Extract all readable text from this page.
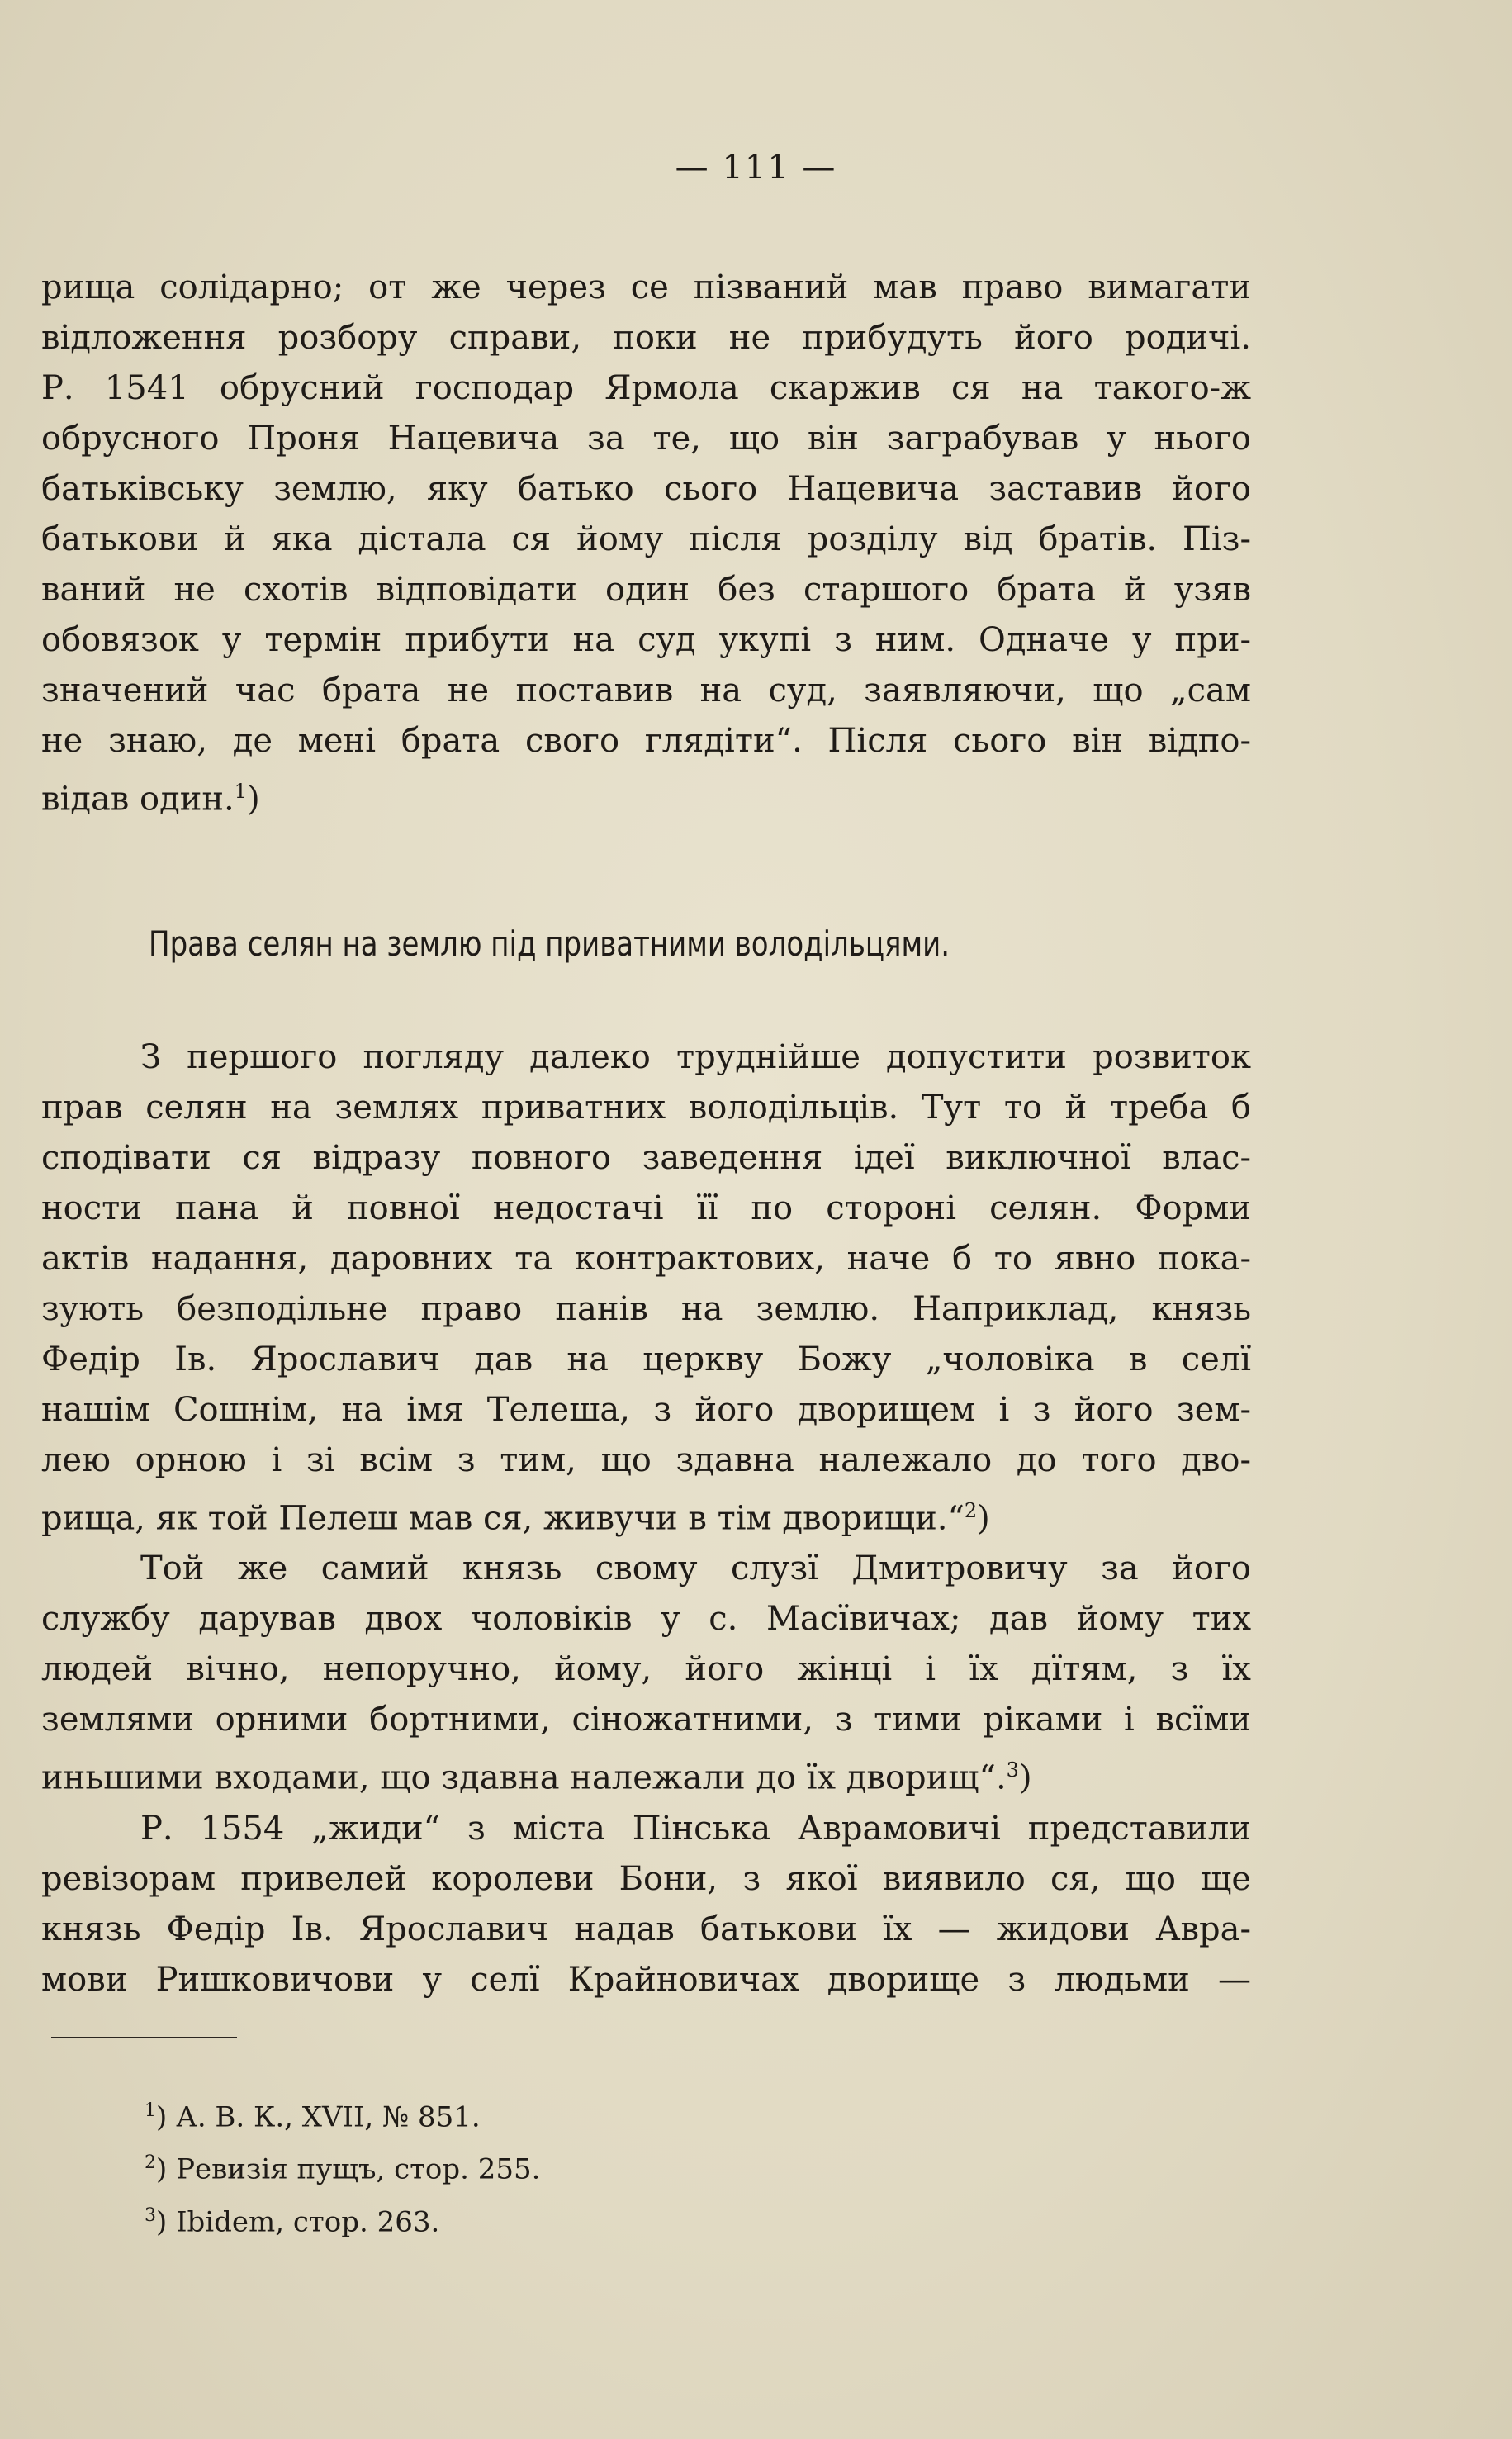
— 111 —
рища солідарно; от же через се пізваний мав право вимагати
відложення розбору справи, поки не прибудуть його родичі.
Р. 1541 обрусний господар Ярмола скаржив ся на такого-ж
обрусного Проня Нацевича за те, що він заграбував у нього
батьківську землю, яку батько сього Нацевича заставив його
батькови й яка дістала ся йому після розділу від братів. Піз-
ваний не схотів відповідати один без старшого брата й узяв
обовязок у термін прибути на суд укупі з ним. Одначе у при-
значений час брата не поставив на суд, заявляючи, що „сам
не знаю, де мені брата свого глядіти“. Після сього він відпо-
відав один.$^1$)
Права селян на землю під приватними володільцями.
З першого погляду далеко труднійше допустити розвиток
прав селян на землях приватних володільців. Тут то й треба б
сподівати ся відразу повного заведення ідеї виключної влас-
ности пана й повної недостачі її по стороні селян. Форми
актів надання, даровних та контрактових, наче б то явно пока-
зують безподільне право панів на землю. Наприклад, князь
Федір Ів. Ярославич дав на церкву Божу „чоловіка в селї
нашім Сошнім, на імя Телеша, з його дворищем і з його зем-
лею орною і зі всім з тим, що здавна належало до того дво-
рища, як той Пелеш мав ся, живучи в тім дворищи.“$^2$)
Той же самий князь свому слузї Дмитровичу за його
службу дарував двох чоловіків у с. Масївичах; дав йому тих
людей вічно, непоручно, йому, його жінці і їх дїтям, з їх
землями орними бортними, сіножатними, з тими ріками і всїми
иньшими входами, що здавна належали до їх дворищ“.$^3$)
Р. 1554 „жиди“ з міста Пінська Аврамовичі представили
ревізорам привелей королеви Бони, з якої виявило ся, що ще
князь Федір Ів. Ярославич надав батькови їх — жидови Авра-
мови Ришковичови у селї Крайновичах дворище з людьми —
$^1$) А. В. К., XVII, № 851.
$^2$) Ревизія пущъ, стор. 255.
$^3$) Ibidem, стор. 263.
